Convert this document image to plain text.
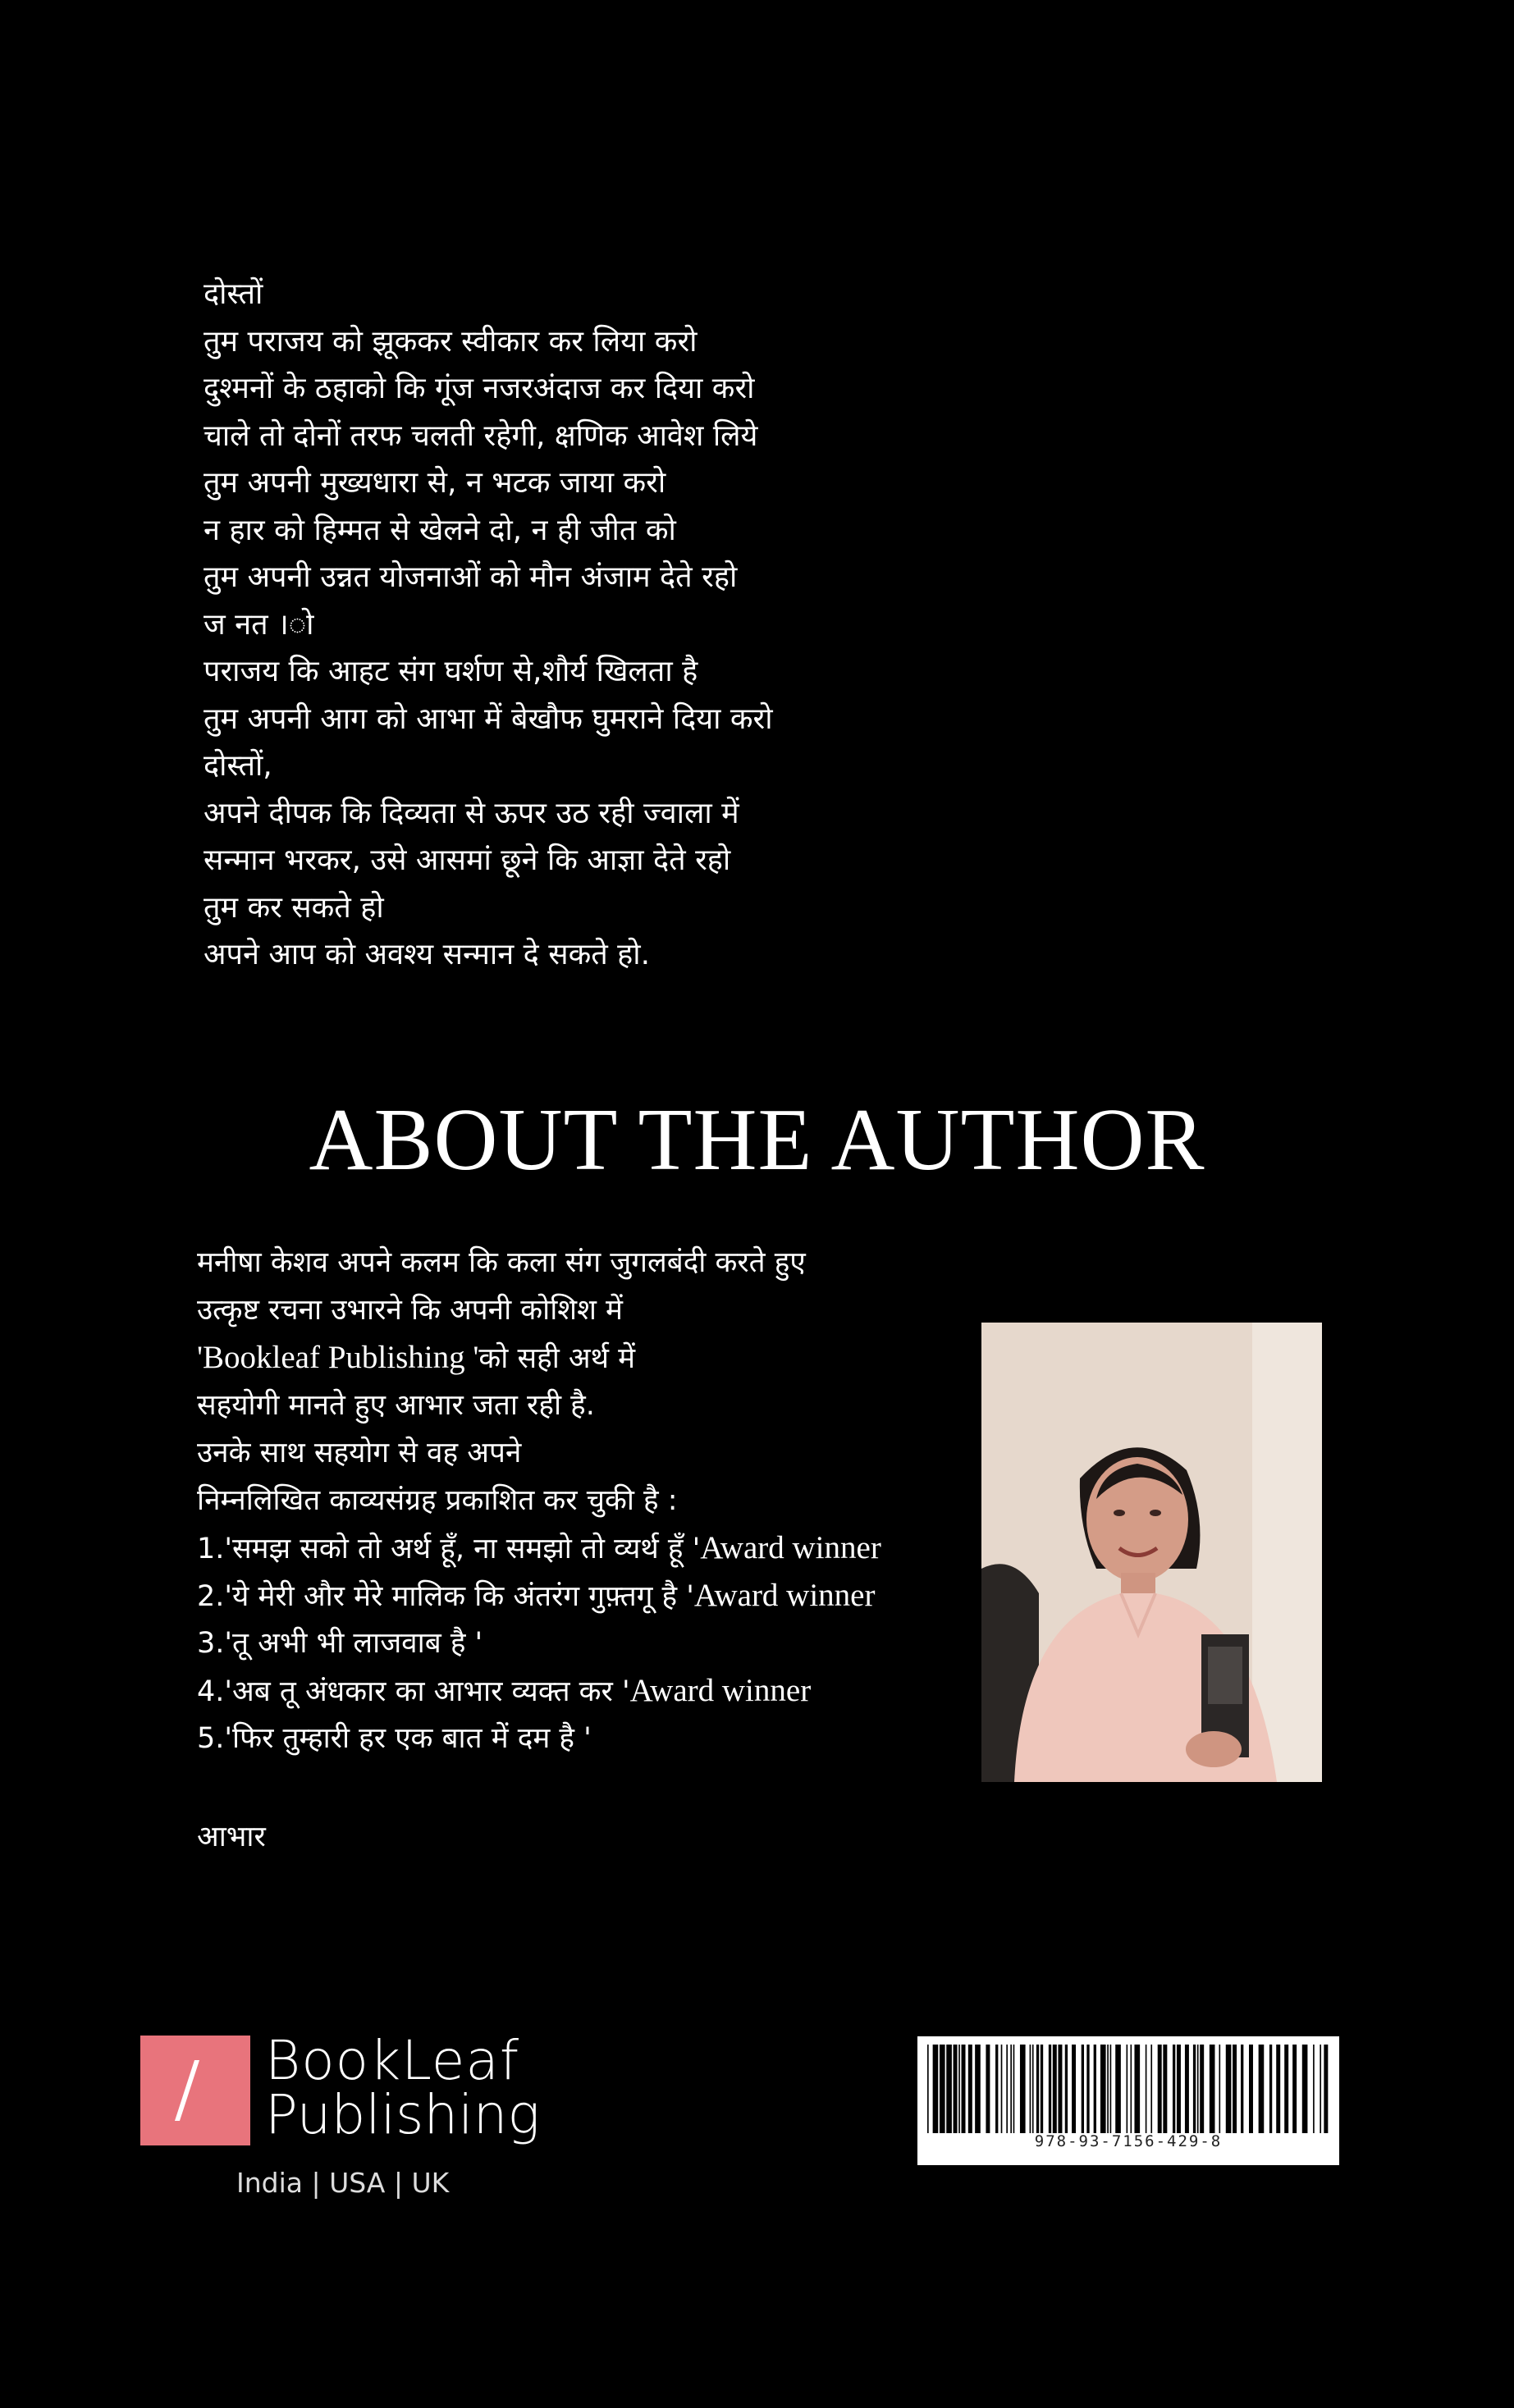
दोस्तों
तुम पराजय को झूककर स्वीकार कर लिया करो
दुश्मनों के ठहाको कि गूंज नजरअंदाज कर दिया करो
चाले तो दोनों तरफ चलती रहेगी, क्षणिक आवेश लिये
तुम अपनी मुख्यधारा से, न भटक जाया करो
न हार को हिम्मत से खेलने दो, न ही जीत को
तुम अपनी उन्नत योजनाओं को मौन अंजाम देते रहो
ज नत ।ो
पराजय कि आहट संग घर्शण से,शौर्य खिलता है
तुम अपनी आग को आभा में बेखौफ घुमराने दिया करो
दोस्तों,
अपने दीपक कि दिव्यता से ऊपर उठ रही ज्वाला में
सन्मान भरकर, उसे आसमां छूने कि आज्ञा देते रहो
तुम कर सकते हो
अपने आप को अवश्य सन्मान दे सकते हो.
ABOUT THE AUTHOR
मनीषा केशव अपने कलम कि कला संग जुगलबंदी करते हुए
उत्कृष्ट रचना उभारने कि अपनी कोशिश में
'Bookleaf Publishing 'को सही अर्थ में
सहयोगी मानते हुए आभार जता रही है.
उनके साथ सहयोग से वह अपने
निम्नलिखित काव्यसंग्रह प्रकाशित कर चुकी है :
1.'समझ सको तो अर्थ हूँ, ना समझो तो व्यर्थ हूँ 'Award winner
2.'ये मेरी और मेरे मालिक कि अंतरंग गुफ़्तगू है 'Award winner
3.'तू अभी भी लाजवाब है '
4.'अब तू अंधकार का आभार व्यक्त कर 'Award winner
5.'फिर तुम्हारी हर एक बात में दम है '
आभार
BookLeaf
Publishing
India | USA | UK
978-93-7156-429-8
